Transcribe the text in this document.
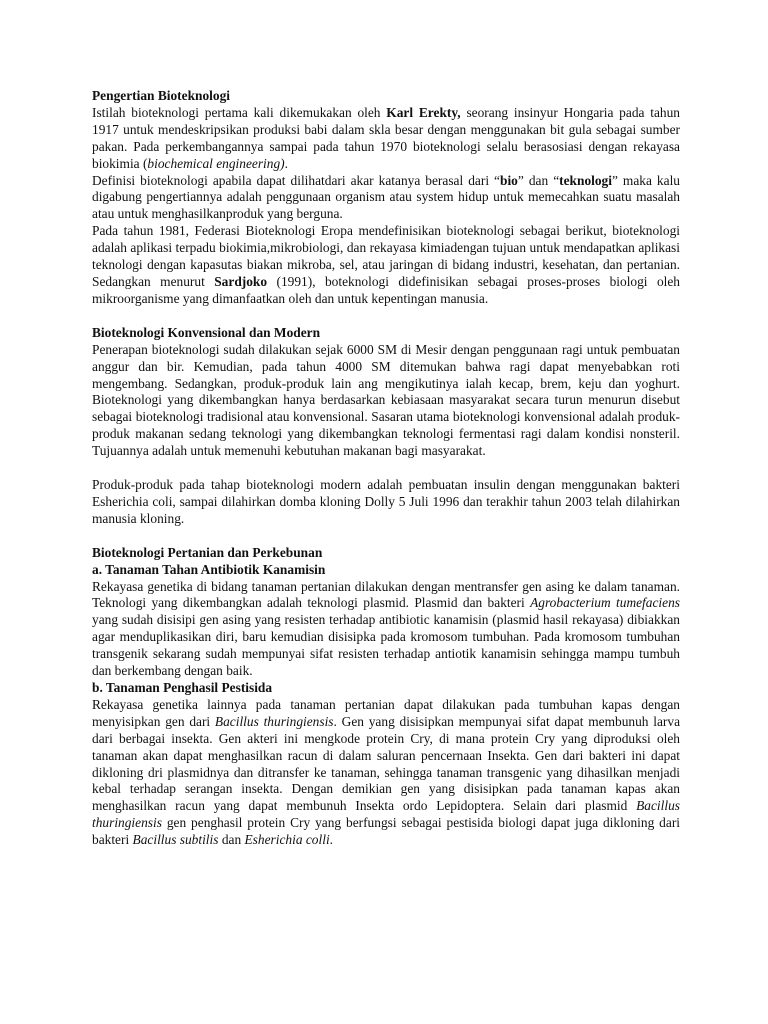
Pengertian Bioteknologi

Istilah bioteknologi pertama kali dikemukakan oleh Karl Erekty, seorang insinyur Hongaria pada tahun 1917 untuk mendeskripsikan produksi babi dalam skla besar dengan menggunakan bit gula sebagai sumber pakan. Pada perkembangannya sampai pada tahun 1970 bioteknologi selalu berasosiasi dengan rekayasa biokimia (biochemical engineering).

Definisi bioteknologi apabila dapat dilihatdari akar katanya berasal dari “bio” dan “teknologi” maka kalu digabung pengertiannya adalah penggunaan organism atau system hidup untuk memecahkan suatu masalah atau untuk menghasilkanproduk yang berguna.

Pada tahun 1981, Federasi Bioteknologi Eropa mendefinisikan bioteknologi sebagai berikut, bioteknologi adalah aplikasi terpadu biokimia,mikrobiologi, dan rekayasa kimiadengan tujuan untuk mendapatkan aplikasi teknologi dengan kapasutas biakan mikroba, sel, atau jaringan di bidang industri, kesehatan, dan pertanian. Sedangkan menurut Sardjoko (1991), boteknologi didefinisikan sebagai proses-proses biologi oleh mikroorganisme yang dimanfaatkan oleh dan untuk kepentingan manusia.

Bioteknologi Konvensional dan Modern

Penerapan bioteknologi sudah dilakukan sejak 6000 SM di Mesir dengan penggunaan ragi untuk pembuatan anggur dan bir. Kemudian, pada tahun 4000 SM ditemukan bahwa ragi dapat menyebabkan roti mengembang. Sedangkan, produk-produk lain ang mengikutinya ialah kecap, brem, keju dan yoghurt. Bioteknologi yang dikembangkan hanya berdasarkan kebiasaan masyarakat secara turun menurun disebut sebagai bioteknologi tradisional atau konvensional. Sasaran utama bioteknologi konvensional adalah produk-produk makanan sedang teknologi yang dikembangkan teknologi fermentasi ragi dalam kondisi nonsteril. Tujuannya adalah untuk memenuhi kebutuhan makanan bagi masyarakat.

Produk-produk pada tahap bioteknologi modern adalah pembuatan insulin dengan menggunakan bakteri Esherichia coli, sampai dilahirkan domba kloning Dolly 5 Juli 1996 dan terakhir tahun 2003 telah dilahirkan manusia kloning.

Bioteknologi Pertanian dan Perkebunan

a. Tanaman Tahan Antibiotik Kanamisin

Rekayasa genetika di bidang tanaman pertanian dilakukan dengan mentransfer gen asing ke dalam tanaman. Teknologi yang dikembangkan adalah teknologi plasmid. Plasmid dan bakteri Agrobacterium tumefaciens yang sudah disisipi gen asing yang resisten terhadap antibiotic kanamisin (plasmid hasil rekayasa) dibiakkan agar menduplikasikan diri, baru kemudian disisipka pada kromosom tumbuhan. Pada kromosom tumbuhan transgenik sekarang sudah mempunyai sifat resisten terhadap antiotik kanamisin sehingga mampu tumbuh dan berkembang dengan baik.

b. Tanaman Penghasil Pestisida

Rekayasa genetika lainnya pada tanaman pertanian dapat dilakukan pada tumbuhan kapas dengan menyisipkan gen dari Bacillus thuringiensis. Gen yang disisipkan mempunyai sifat dapat membunuh larva dari berbagai insekta. Gen akteri ini mengkode protein Cry, di mana protein Cry yang diproduksi oleh tanaman akan dapat menghasilkan racun di dalam saluran pencernaan Insekta. Gen dari bakteri ini dapat dikloning dri plasmidnya dan ditransfer ke tanaman, sehingga tanaman transgenic yang dihasilkan menjadi kebal terhadap serangan insekta. Dengan demikian gen yang disisipkan pada tanaman kapas akan menghasilkan racun yang dapat membunuh Insekta ordo Lepidoptera. Selain dari plasmid Bacillus thuringiensis gen penghasil protein Cry yang berfungsi sebagai pestisida biologi dapat juga dikloning dari bakteri Bacillus subtilis dan Esherichia colli.
